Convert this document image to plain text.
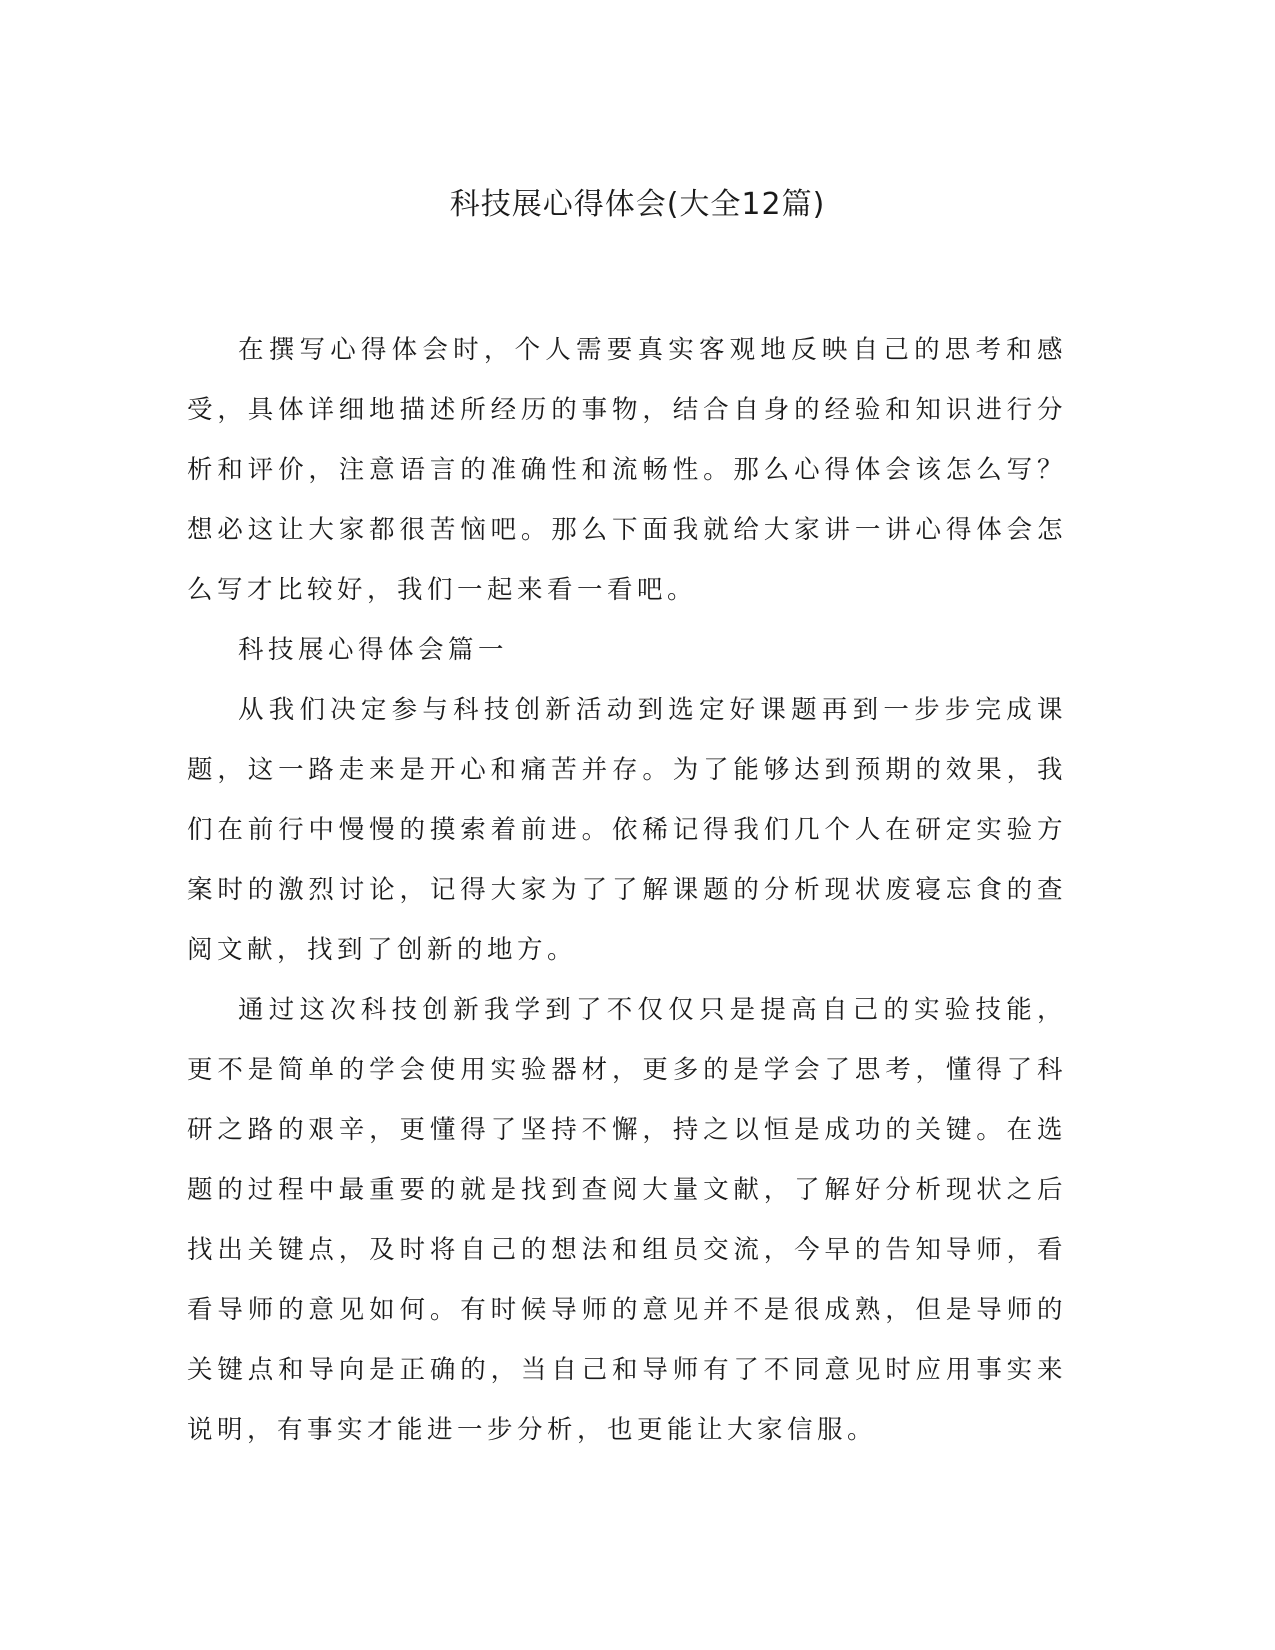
科技展心得体会(大全12篇)

在撰写心得体会时，个人需要真实客观地反映自己的思考和感受，具体详细地描述所经历的事物，结合自身的经验和知识进行分析和评价，注意语言的准确性和流畅性。那么心得体会该怎么写？想必这让大家都很苦恼吧。那么下面我就给大家讲一讲心得体会怎么写才比较好，我们一起来看一看吧。

科技展心得体会篇一

从我们决定参与科技创新活动到选定好课题再到一步步完成课题，这一路走来是开心和痛苦并存。为了能够达到预期的效果，我们在前行中慢慢的摸索着前进。依稀记得我们几个人在研定实验方案时的激烈讨论，记得大家为了了解课题的分析现状废寝忘食的查阅文献，找到了创新的地方。

通过这次科技创新我学到了不仅仅只是提高自己的实验技能，更不是简单的学会使用实验器材，更多的是学会了思考，懂得了科研之路的艰辛，更懂得了坚持不懈，持之以恒是成功的关键。在选题的过程中最重要的就是找到查阅大量文献，了解好分析现状之后找出关键点，及时将自己的想法和组员交流，今早的告知导师，看看导师的意见如何。有时候导师的意见并不是很成熟，但是导师的关键点和导向是正确的，当自己和导师有了不同意见时应用事实来说明，有事实才能进一步分析，也更能让大家信服。
